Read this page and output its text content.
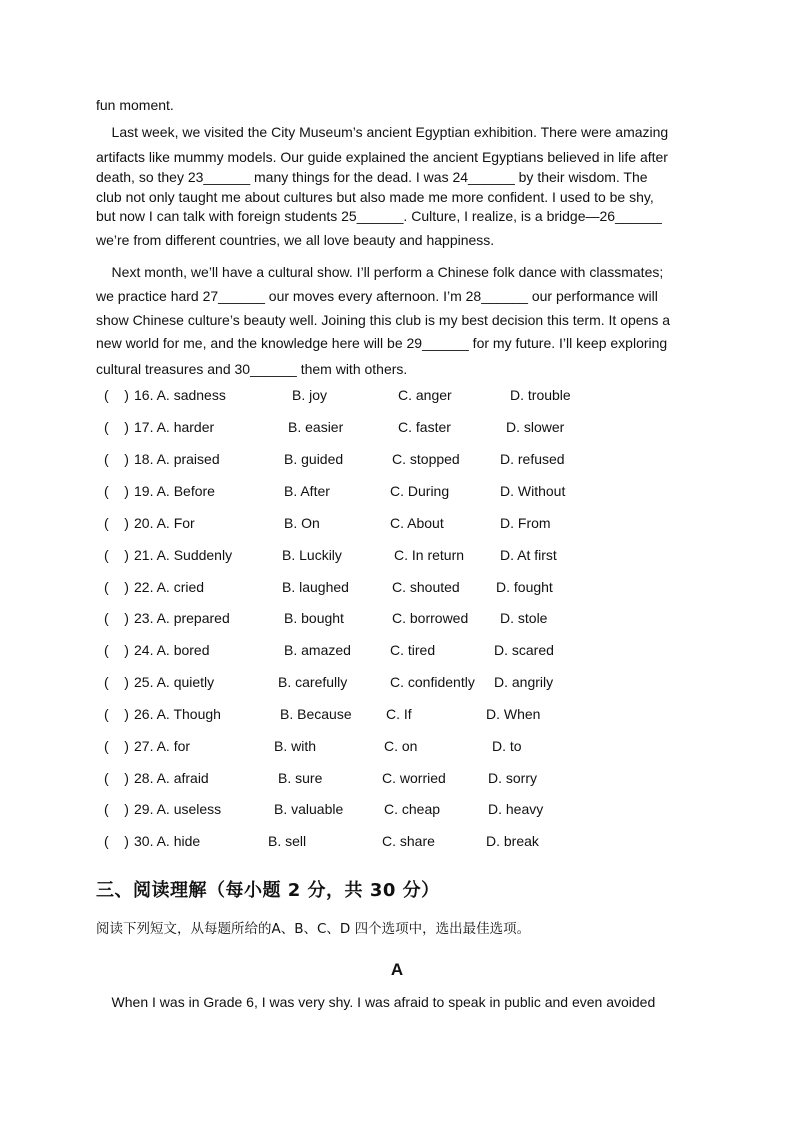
fun moment.
Last week, we visited the City Museum’s ancient Egyptian exhibition. There were amazing
artifacts like mummy models. Our guide explained the ancient Egyptians believed in life after
death, so they 23______ many things for the dead. I was 24______ by their wisdom. The
club not only taught me about cultures but also made me more confident. I used to be shy,
but now I can talk with foreign students 25______. Culture, I realize, is a bridge—26______
we’re from different countries, we all love beauty and happiness.
Next month, we’ll have a cultural show. I’ll perform a Chinese folk dance with classmates;
we practice hard 27______ our moves every afternoon. I’m 28______ our performance will
show Chinese culture’s beauty well. Joining this club is my best decision this term. It opens a
new world for me, and the knowledge here will be 29______ for my future. I’ll keep exploring
cultural treasures and 30______ them with others.
(    ) 16. A. sadness	B. joy	C. anger	D. trouble
(    ) 17. A. harder	B. easier	C. faster	D. slower
(    ) 18. A. praised	B. guided	C. stopped	D. refused
(    ) 19. A. Before	B. After	C. During	D. Without
(    ) 20. A. For	B. On	C. About	D. From
(    ) 21. A. Suddenly	B. Luckily	C. In return	D. At first
(    ) 22. A. cried	B. laughed	C. shouted	D. fought
(    ) 23. A. prepared	B. bought	C. borrowed D. stole
(    ) 24. A. bored	B. amazed	C. tired	D. scared
(    ) 25. A. quietly	B. carefully	C. confidently D. angrily
(    ) 26. A. Though	B. Because C. If	D. When
(    ) 27. A. for	B. with	C. on	D. to
(    ) 28. A. afraid	B. sure	C. worried	D. sorry
(    ) 29. A. useless	B. valuable	C. cheap	D. heavy
(    ) 30. A. hide	B. sell	C. share	D. break
三、阅读理解（每小题 2 分，共 30 分）
阅读下列短文，从每题所给的A、B、C、D 四个选项中，选出最佳选项。
A
When I was in Grade 6, I was very shy. I was afraid to speak in public and even avoided
